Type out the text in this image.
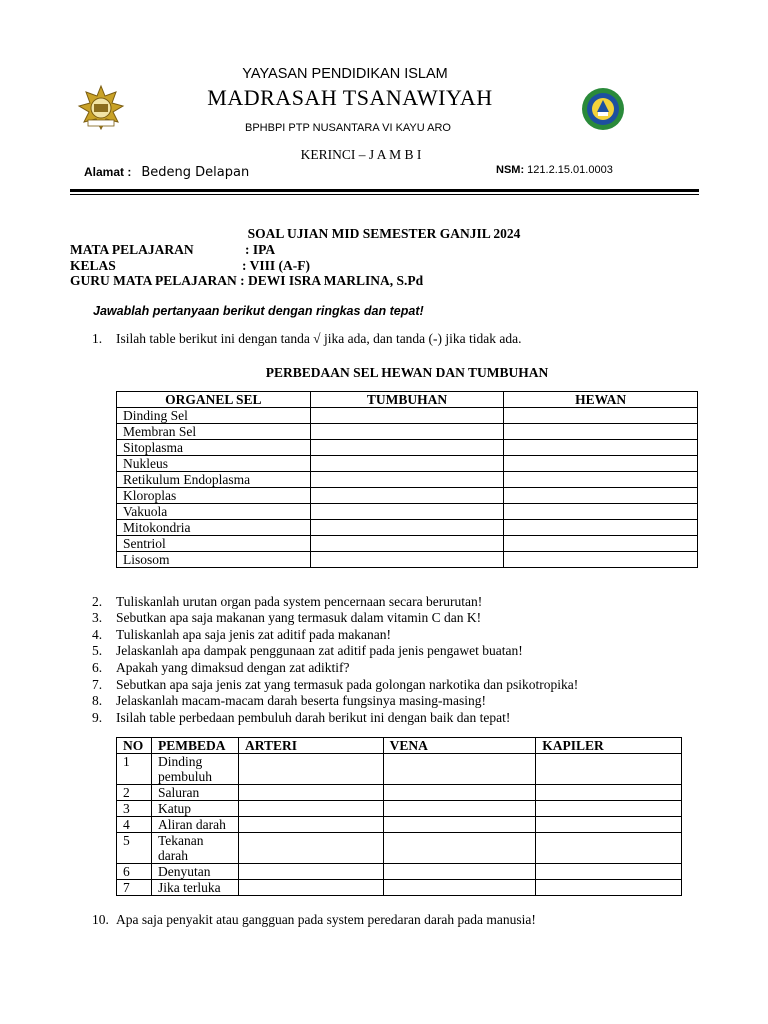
YAYASAN PENDIDIKAN ISLAM
MADRASAH TSANAWIYAH
BPHBPI PTP NUSANTARA VI KAYU ARO
KERINCI – J A M B I
Alamat : Bedeng Delapan	NSM: 121.2.15.01.0003
SOAL UJIAN MID SEMESTER GANJIL 2024
MATA PELAJARAN	: IPA
KELAS	: VIII (A-F)
GURU MATA PELAJARAN : DEWI ISRA MARLINA, S.Pd
Jawablah pertanyaan berikut dengan ringkas dan tepat!
1. Isilah table berikut ini dengan tanda √ jika ada, dan tanda (-) jika tidak ada.
PERBEDAAN SEL HEWAN DAN TUMBUHAN
ORGANEL SEL	TUMBUHAN	HEWAN
Dinding Sel		
Membran Sel		
Sitoplasma		
Nukleus		
Retikulum Endoplasma		
Kloroplas		
Vakuola		
Mitokondria		
Sentriol		
Lisosom		
2. Tuliskanlah urutan organ pada system pencernaan secara berurutan!
3. Sebutkan apa saja makanan yang termasuk dalam vitamin C dan K!
4. Tuliskanlah apa saja jenis zat aditif pada makanan!
5. Jelaskanlah apa dampak penggunaan zat aditif pada jenis pengawet buatan!
6. Apakah yang dimaksud dengan zat adiktif?
7. Sebutkan apa saja jenis zat yang termasuk pada golongan narkotika dan psikotropika!
8. Jelaskanlah macam-macam darah beserta fungsinya masing-masing!
9. Isilah table perbedaan pembuluh darah berikut ini dengan baik dan tepat!
NO	PEMBEDA	ARTERI	VENA	KAPILER
1	Dinding pembuluh			
2	Saluran			
3	Katup			
4	Aliran darah			
5	Tekanan darah			
6	Denyutan			
7	Jika terluka			
10. Apa saja penyakit atau gangguan pada system peredaran darah pada manusia!
